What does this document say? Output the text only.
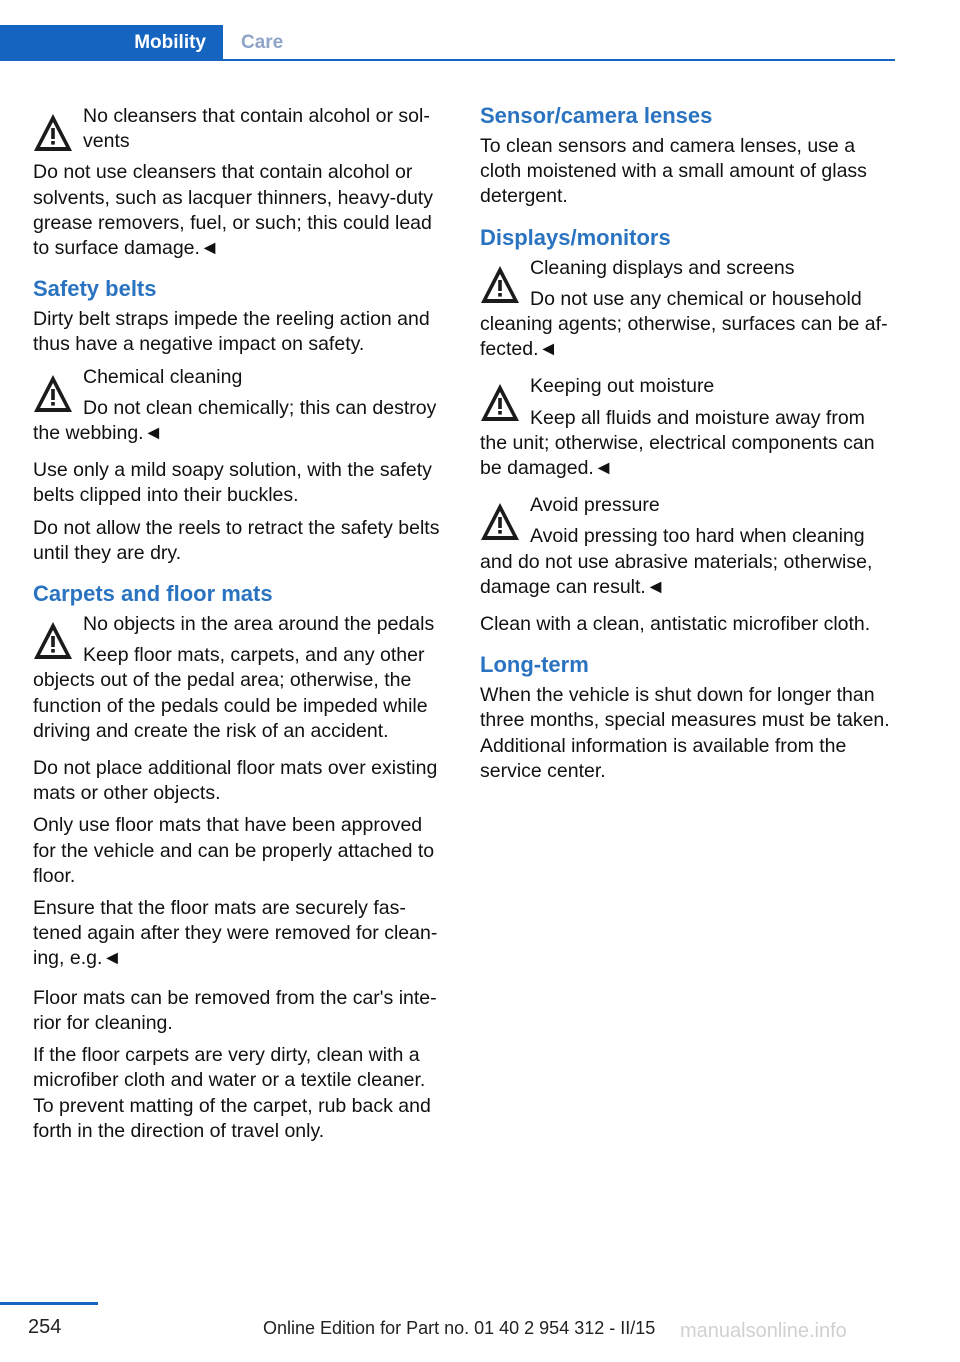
Mobility Care
No cleansers that contain alcohol or sol‐ vents
Do not use cleansers that contain alcohol or solvents, such as lacquer thinners, heavy-duty grease removers, fuel, or such; this could lead to surface damage.◄
Safety belts

Dirty belt straps impede the reeling action and thus have a negative impact on safety.

Chemical cleaning
Do not clean chemically; this can destroy the webbing.◄

Use only a mild soapy solution, with the safety belts clipped into their buckles.

Do not allow the reels to retract the safety belts until they are dry.

Carpets and floor mats
No objects in the area around the pedals
Keep floor mats, carpets, and any other objects out of the pedal area; otherwise, the function of the pedals could be impeded while driving and create the risk of an accident.

Do not place additional floor mats over existing mats or other objects.

Only use floor mats that have been approved for the vehicle and can be properly attached to floor.

Ensure that the floor mats are securely fas‐ tened again after they were removed for clean‐ ing, e.g.◄

Floor mats can be removed from the car's inte‐ rior for cleaning.

If the floor carpets are very dirty, clean with a microfiber cloth and water or a textile cleaner. To prevent matting of the carpet, rub back and forth in the direction of travel only.

Sensor/camera lenses

To clean sensors and camera lenses, use a cloth moistened with a small amount of glass detergent.

Displays/monitors
Cleaning displays and screens
Do not use any chemical or household cleaning agents; otherwise, surfaces can be af‐ fected.◄
Keeping out moisture
Keep all fluids and moisture away from the unit; otherwise, electrical components can be damaged.◄
Avoid pressure
Avoid pressing too hard when cleaning and do not use abrasive materials; otherwise, damage can result.◄

Clean with a clean, antistatic microfiber cloth.

Long-term

When the vehicle is shut down for longer than three months, special measures must be taken. Additional information is available from the service center.

254	Online Edition for Part no. 01 40 2 954 312 - II/15 manualsonline.info
